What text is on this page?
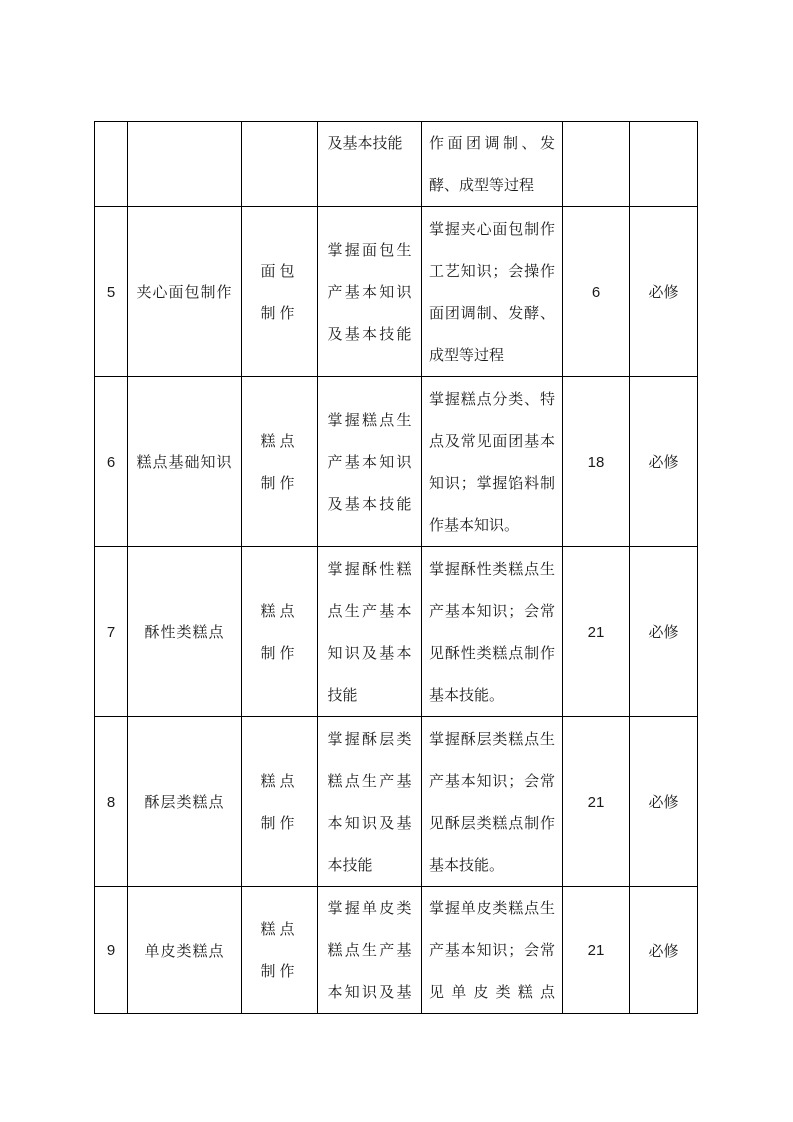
			及基本技能	作面团调制、发酵、成型等过程		

5	夹心面包制作	面包制作	掌握面包生产基本知识及基本技能	掌握夹心面包制作工艺知识；会操作面团调制、发酵、成型等过程	6	必修
6	糕点基础知识	糕点制作	掌握糕点生产基本知识及基本技能	掌握糕点分类、特点及常见面团基本知识；掌握馅料制作基本知识。	18	必修
7	酥性类糕点	糕点制作	掌握酥性糕点生产基本知识及基本技能	掌握酥性类糕点生产基本知识；会常见酥性类糕点制作基本技能。	21	必修
8	酥层类糕点	糕点制作	掌握酥层类糕点生产基本知识及基本技能	掌握酥层类糕点生产基本知识；会常见酥层类糕点制作基本技能。	21	必修
9	单皮类糕点	糕点制作	掌握单皮类糕点生产基本知识及基	掌握单皮类糕点生产基本知识；会常见单皮类糕点	21	必修
